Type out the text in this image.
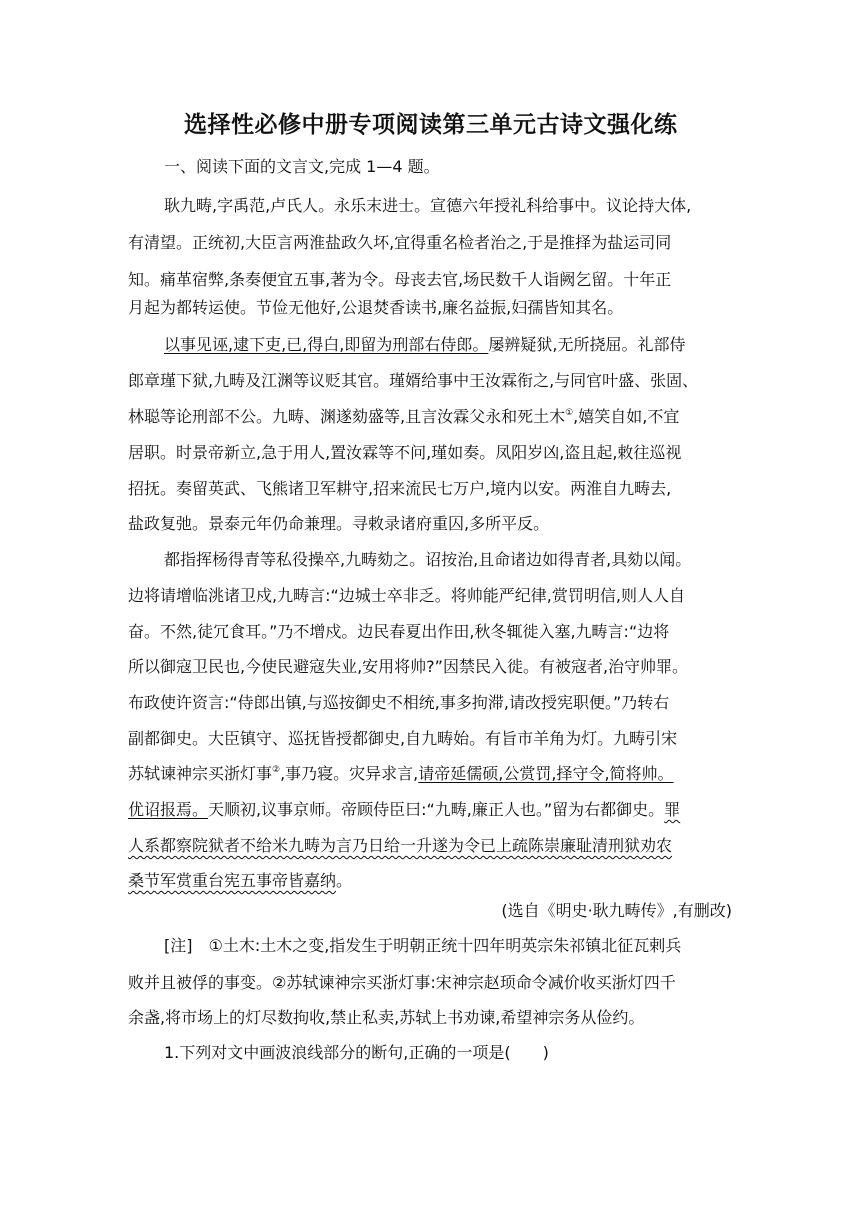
选择性必修中册专项阅读第三单元古诗文强化练
一、阅读下面的文言文,完成 1—4 题。
耿九畴,字禹范,卢氏人。永乐末进士。宣德六年授礼科给事中。议论持大体,
有清望。正统初,大臣言两淮盐政久坏,宜得重名检者治之,于是推择为盐运司同
知。痛革宿弊,条奏便宜五事,著为令。母丧去官,场民数千人诣阙乞留。十年正
月起为都转运使。节俭无他好,公退焚香读书,廉名益振,妇孺皆知其名。
以事见诬,逮下吏,已,得白,即留为刑部右侍郎。屡辨疑狱,无所挠屈。礼部侍
郎章瑾下狱,九畴及江渊等议贬其官。瑾婿给事中王汝霖衔之,与同官叶盛、张固、
林聪等论刑部不公。九畴、渊遂劾盛等,且言汝霖父永和死土木①,嬉笑自如,不宜
居职。时景帝新立,急于用人,置汝霖等不问,瑾如奏。凤阳岁凶,盗且起,敕往巡视
招抚。奏留英武、飞熊诸卫军耕守,招来流民七万户,境内以安。两淮自九畴去,
盐政复弛。景泰元年仍命兼理。寻敕录诸府重囚,多所平反。
都指挥杨得青等私役操卒,九畴劾之。诏按治,且命诸边如得青者,具劾以闻。
边将请增临洮诸卫戍,九畴言:“边城士卒非乏。将帅能严纪律,赏罚明信,则人人自
奋。不然,徒冗食耳。”乃不增戍。边民春夏出作田,秋冬辄徙入塞,九畴言:“边将
所以御寇卫民也,今使民避寇失业,安用将帅?”因禁民入徙。有被寇者,治守帅罪。
布政使许资言:“侍郎出镇,与巡按御史不相统,事多拘滞,请改授宪职便。”乃转右
副都御史。大臣镇守、巡抚皆授都御史,自九畴始。有旨市羊角为灯。九畴引宋
苏轼谏神宗买浙灯事②,事乃寝。灾异求言,请帝延儒硕,公赏罚,择守令,简将帅。
优诏报焉。天顺初,议事京师。帝顾侍臣曰:“九畴,廉正人也。”留为右都御史。罪
人系都察院狱者不给米九畴为言乃日给一升遂为令已上疏陈崇廉耻清刑狱劝农
桑节军赏重台宪五事帝皆嘉纳。
(选自《明史·耿九畴传》,有删改)
[注]　①土木:土木之变,指发生于明朝正统十四年明英宗朱祁镇北征瓦剌兵
败并且被俘的事变。②苏轼谏神宗买浙灯事:宋神宗赵顼命令减价收买浙灯四千
余盏,将市场上的灯尽数拘收,禁止私卖,苏轼上书劝谏,希望神宗务从俭约。
1.下列对文中画波浪线部分的断句,正确的一项是(　　)
